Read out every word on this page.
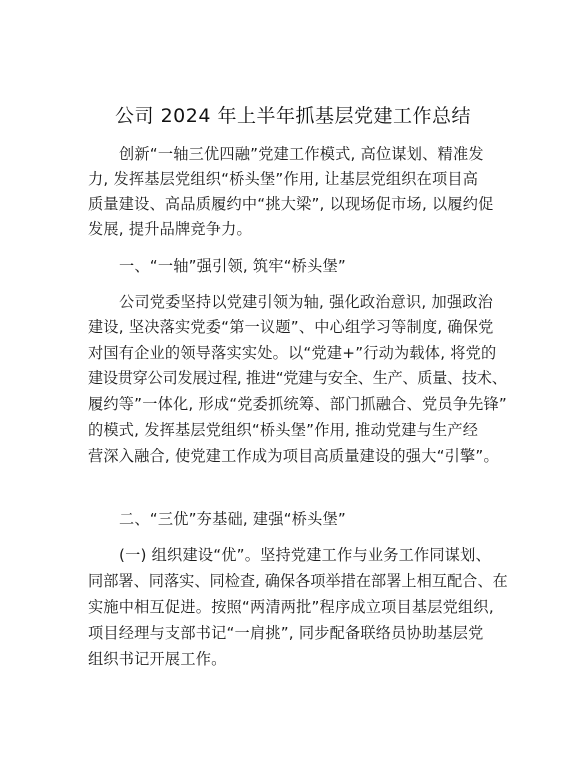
公司 2024 年上半年抓基层党建工作总结
创新“一轴三优四融”党建工作模式, 高位谋划、精准发
力, 发挥基层党组织“桥头堡”作用, 让基层党组织在项目高
质量建设、高品质履约中“挑大梁”, 以现场促市场, 以履约促
发展, 提升品牌竞争力。
一、“一轴”强引领, 筑牢“桥头堡”
公司党委坚持以党建引领为轴, 强化政治意识, 加强政治
建设, 坚决落实党委“第一议题”、中心组学习等制度, 确保党
对国有企业的领导落实实处。以“党建+”行动为载体, 将党的
建设贯穿公司发展过程, 推进“党建与安全、生产、质量、技术、
履约等”一体化, 形成“党委抓统筹、部门抓融合、党员争先锋”
的模式, 发挥基层党组织“桥头堡”作用, 推动党建与生产经
营深入融合, 使党建工作成为项目高质量建设的强大“引擎”。
二、“三优”夯基础, 建强“桥头堡”
(一) 组织建设“优”。坚持党建工作与业务工作同谋划、
同部署、同落实、同检查, 确保各项举措在部署上相互配合、在
实施中相互促进。按照“两清两批”程序成立项目基层党组织,
项目经理与支部书记“一肩挑”, 同步配备联络员协助基层党
组织书记开展工作。
